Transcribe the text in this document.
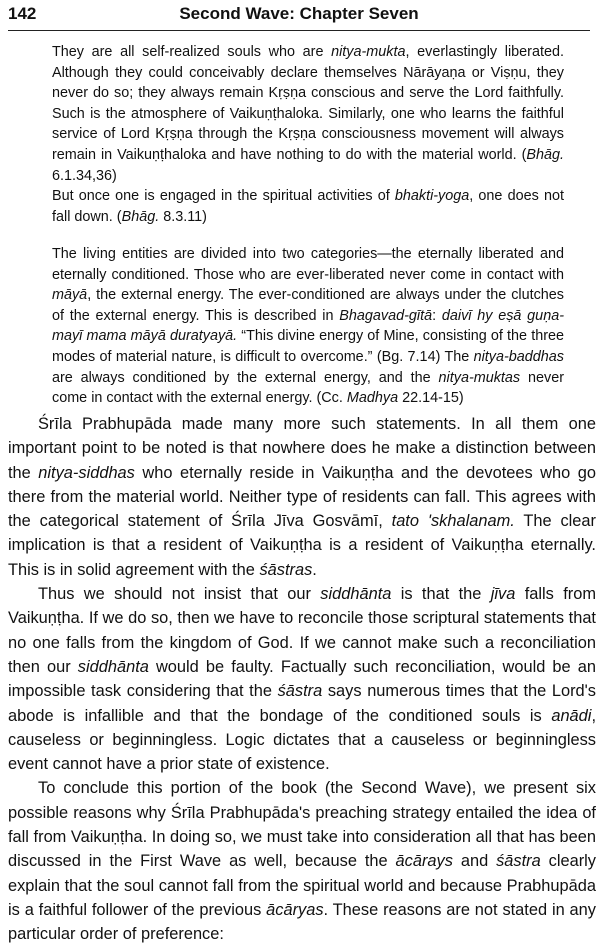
142	Second Wave: Chapter Seven

They are all self-realized souls who are nitya-mukta, everlastingly liberated. Although they could conceivably declare themselves Nārāyaṇa or Viṣṇu, they never do so; they always remain Kṛṣṇa conscious and serve the Lord faithfully. Such is the atmosphere of Vaikuṇṭhaloka. Similarly, one who learns the faithful service of Lord Kṛṣṇa through the Kṛṣṇa consciousness movement will always remain in Vaikuṇṭhaloka and have nothing to do with the material world. (Bhāg. 6.1.34,36)

But once one is engaged in the spiritual activities of bhakti-yoga, one does not fall down. (Bhāg. 8.3.11)

The living entities are divided into two categories—the eternally liberated and eternally conditioned. Those who are ever-liberated never come in contact with māyā, the external energy. The ever-conditioned are always under the clutches of the external energy. This is described in Bhagavad-gītā: daivī hy eṣā guṇa-mayī mama māyā duratyayā. “This divine energy of Mine, consisting of the three modes of material nature, is difficult to overcome.” (Bg. 7.14) The nitya-baddhas are always conditioned by the external energy, and the nitya-muktas never come in contact with the external energy. (Cc. Madhya 22.14-15)

Śrīla Prabhupāda made many more such statements. In all them one important point to be noted is that nowhere does he make a distinction between the nitya-siddhas who eternally reside in Vaikuṇṭha and the devotees who go there from the material world. Neither type of residents can fall. This agrees with the categorical statement of Śrīla Jīva Gosvāmī, tato 'skhalanam. The clear implication is that a resident of Vaikuṇṭha is a resident of Vaikuṇṭha eternally. This is in solid agreement with the śāstras.

Thus we should not insist that our siddhānta is that the jīva falls from Vaikuṇṭha. If we do so, then we have to reconcile those scriptural statements that no one falls from the kingdom of God. If we cannot make such a reconciliation then our siddhānta would be faulty. Factually such reconciliation, would be an impossible task considering that the śāstra says numerous times that the Lord's abode is infallible and that the bondage of the conditioned souls is anādi, causeless or beginningless. Logic dictates that a causeless or beginningless event cannot have a prior state of existence.

To conclude this portion of the book (the Second Wave), we present six possible reasons why Śrīla Prabhupāda's preaching strategy entailed the idea of fall from Vaikuṇṭha. In doing so, we must take into consideration all that has been discussed in the First Wave as well, because the ācārays and śāstra clearly explain that the soul cannot fall from the spiritual world and because Prabhupāda is a faithful follower of the previous ācāryas. These reasons are not stated in any particular order of preference:
